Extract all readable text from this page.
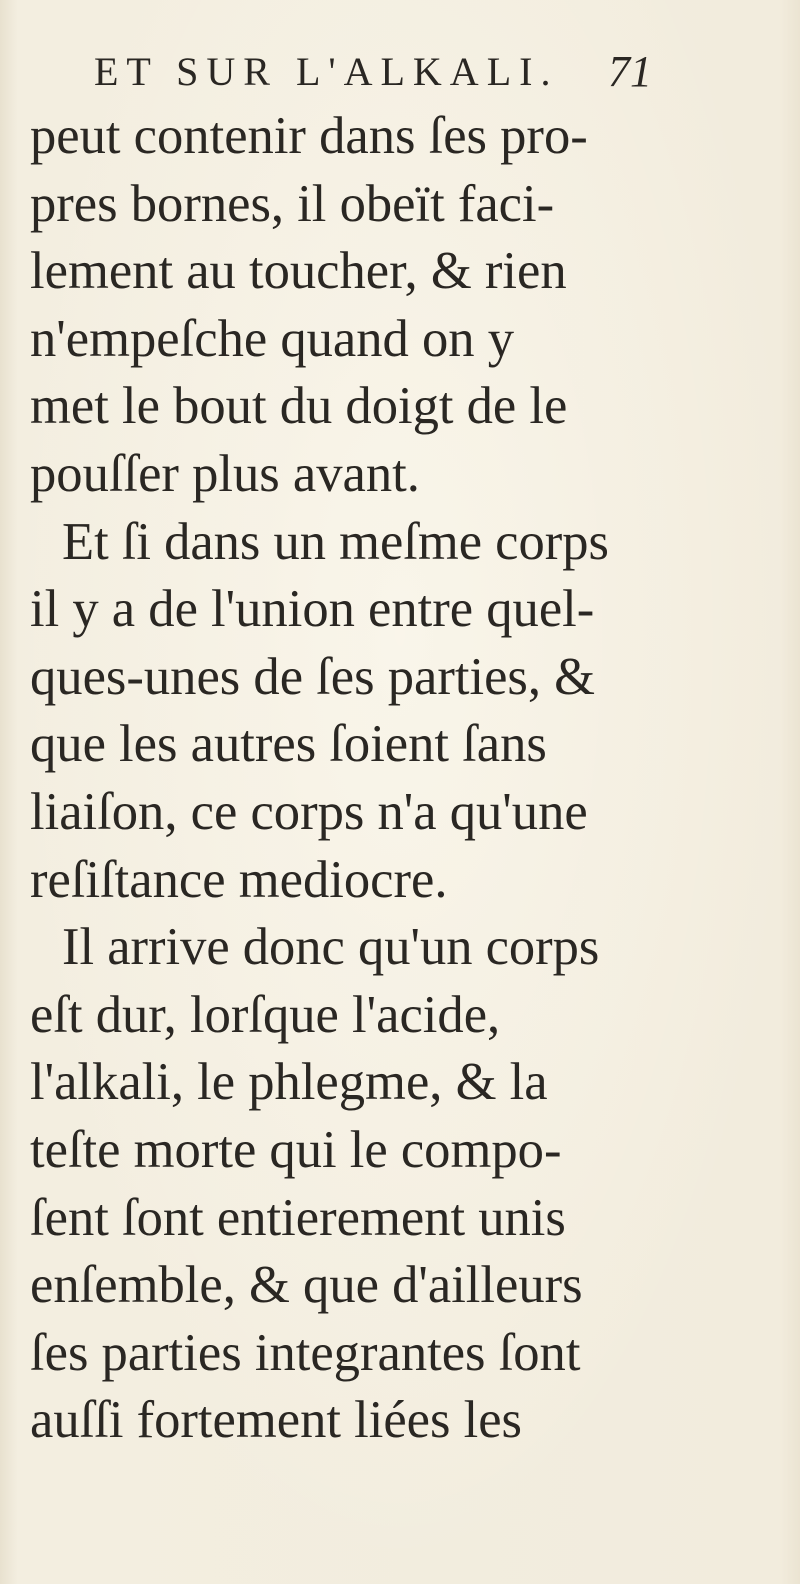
ET SUR L'ALKALI. 71
peut contenir dans ſes pro-
pres bornes, il obeït faci-
lement au toucher, & rien
n'empeſche quand on y
met le bout du doigt de le
pouſſer plus avant.
Et ſi dans un meſme corps
il y a de l'union entre quel-
ques-unes de ſes parties, &
que les autres ſoient ſans
liaiſon, ce corps n'a qu'une
reſiſtance mediocre.
Il arrive donc qu'un corps
eſt dur, lorſque l'acide,
l'alkali, le phlegme, & la
teſte morte qui le compo-
ſent ſont entierement unis
enſemble, & que d'ailleurs
ſes parties integrantes ſont
auſſi fortement liées les
